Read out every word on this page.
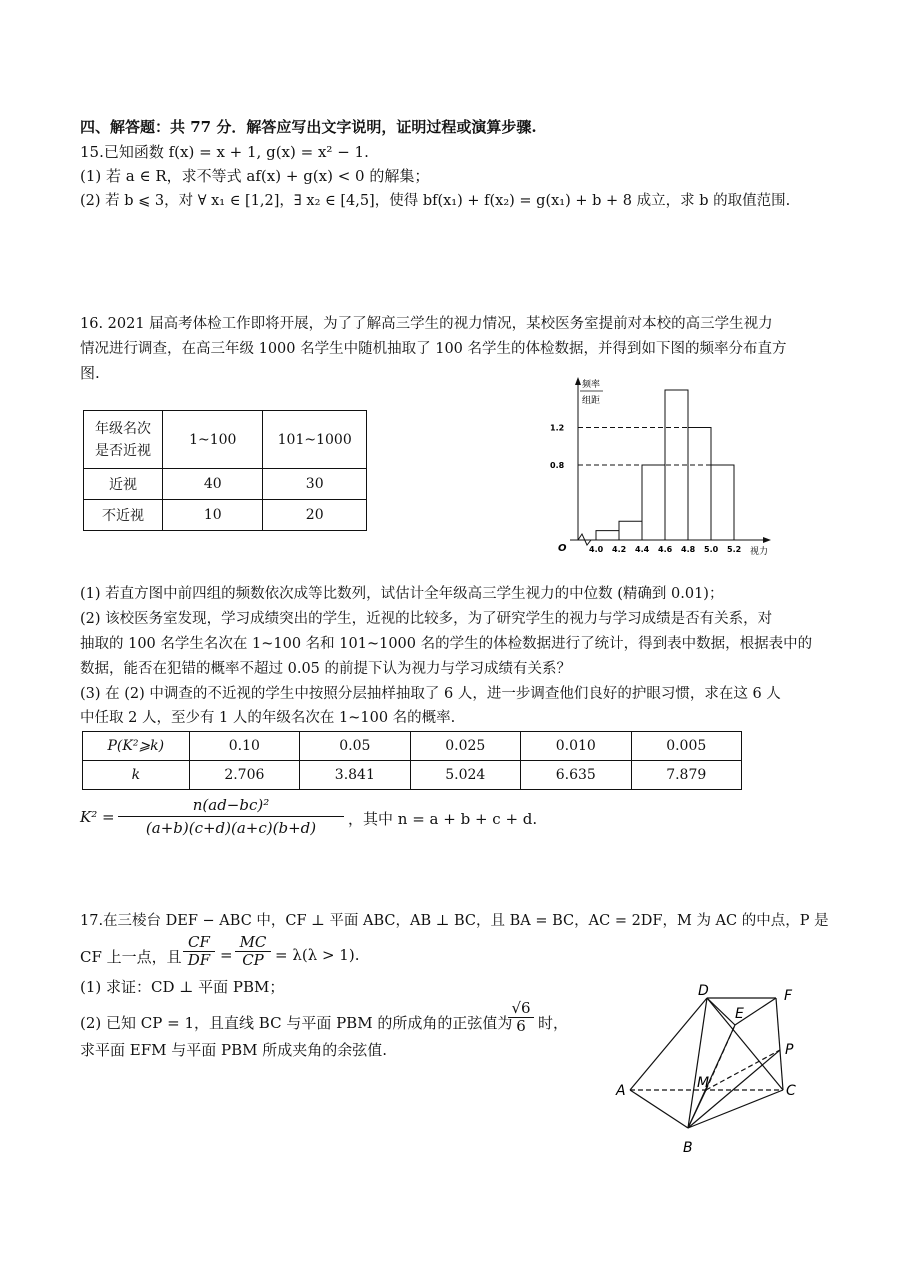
四、解答题：共 77 分．解答应写出文字说明，证明过程或演算步骤.
15.已知函数 f(x) = x + 1, g(x) = x² − 1.
(1) 若 a ∈ R，求不等式 af(x) + g(x) < 0 的解集；
(2) 若 b ⩽ 3，对 ∀ x₁ ∈ [1,2]，∃ x₂ ∈ [4,5]，使得 bf(x₁) + f(x₂) = g(x₁) + b + 8 成立，求 b 的取值范围.
16. 2021 届高考体检工作即将开展，为了了解高三学生的视力情况，某校医务室提前对本校的高三学生视力
情况进行调查，在高三年级 1000 名学生中随机抽取了 100 名学生的体检数据，并得到如下图的频率分布直方
图.
年级名次
是否近视	1~100	101~1000
近视	40	30
不近视	10	20
0.8
1.2
4.0 4.2 4.4 4.6 4.8 5.0 5.2
频率
组距
视力
O
(1) 若直方图中前四组的频数依次成等比数列，试估计全年级高三学生视力的中位数 (精确到 0.01)；
(2) 该校医务室发现，学习成绩突出的学生，近视的比较多，为了研究学生的视力与学习成绩是否有关系，对
抽取的 100 名学生名次在 1~100 名和 101~1000 名的学生的体检数据进行了统计，得到表中数据，根据表中的
数据，能否在犯错的概率不超过 0.05 的前提下认为视力与学习成绩有关系？
(3) 在 (2) 中调查的不近视的学生中按照分层抽样抽取了 6 人，进一步调查他们良好的护眼习惯，求在这 6 人
中任取 2 人，至少有 1 人的年级名次在 1~100 名的概率.
P(K²⩾k)	0.10	0.05	0.025	0.010	0.005
k	2.706	3.841	5.024	6.635	7.879
K² =
n(ad−bc)²
(a+b)(c+d)(a+c)(b+d)	，其中 n = a + b + c + d.
17.在三棱台 DEF − ABC 中，CF ⊥ 平面 ABC，AB ⊥ BC，且 BA = BC，AC = 2DF，M 为 AC 的中点，P 是
CF 上一点，且
CF
DF =
MC
CP = λ(λ > 1).
(1) 求证：CD ⊥ 平面 PBM；
(2) 已知 CP = 1，且直线 BC 与平面 PBM 的所成角的正弦值为
√6
6 时，
求平面 EFM 与平面 PBM 所成夹角的余弦值.
D
E
F
P
M
A	C
B
